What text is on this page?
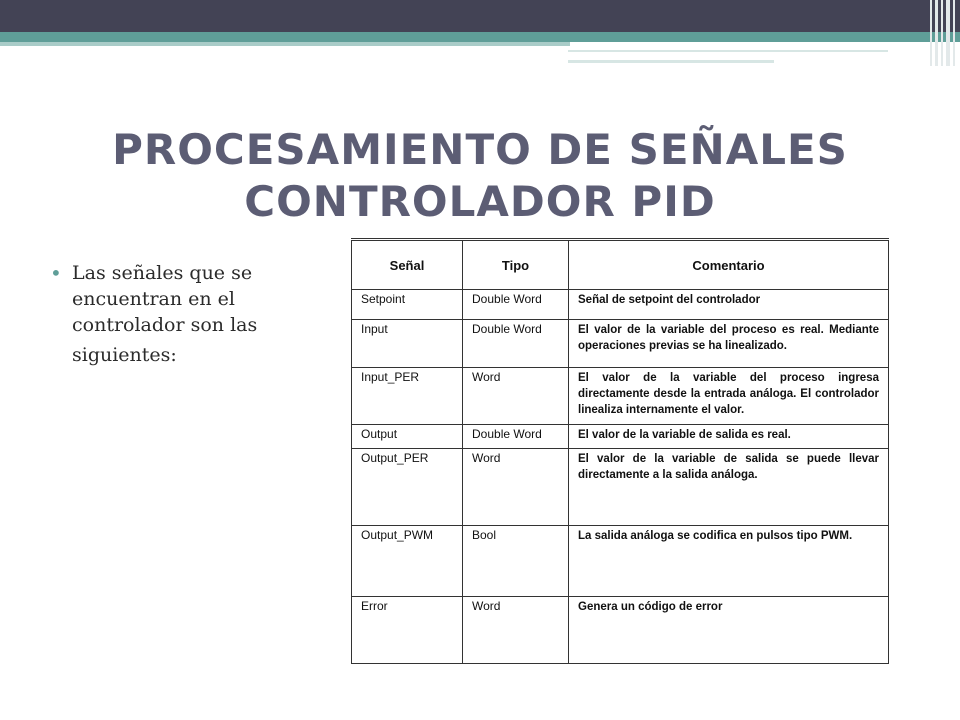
PROCESAMIENTO DE SEÑALES
CONTROLADOR PID
• Las señales que se
encuentran en el
controlador son las
siguientes:
Señal	Tipo	Comentario
Setpoint	Double Word	Señal de setpoint del controlador
Input	Double Word	El valor de la variable del proceso es real. Mediante operaciones previas se ha linealizado.
Input_PER	Word	El valor de la variable del proceso ingresa directamente desde la entrada análoga. El controlador linealiza internamente el valor.
Output	Double Word	El valor de la variable de salida es real.
Output_PER	Word	El valor de la variable de salida se puede llevar directamente a la salida análoga.
Output_PWM	Bool	La salida análoga se codifica en pulsos tipo PWM.
Error	Word	Genera un código de error
